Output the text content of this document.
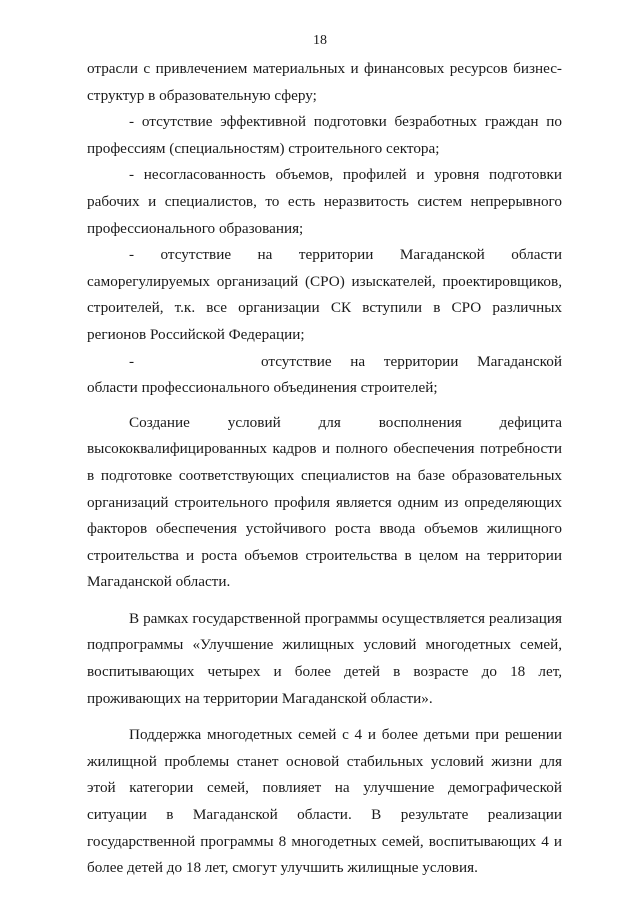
18

отрасли с привлечением материальных и финансовых ресурсов бизнес-структур в образовательную сферу;

- отсутствие эффективной подготовки безработных граждан по профессиям (специальностям) строительного сектора;

- несогласованность объемов, профилей и уровня подготовки рабочих и специалистов, то есть неразвитость систем непрерывного профессионального образования;

- отсутствие на территории Магаданской области саморегулируемых организаций (СРО) изыскателей, проектировщиков, строителей, т.к. все организации СК вступили в СРО различных регионов Российской Федерации;

-	отсутствие на территории Магаданской области профессионального объединения строителей;

Создание условий для восполнения дефицита высококвалифицированных кадров и полного обеспечения потребности в подготовке соответствующих специалистов на базе образовательных организаций строительного профиля является одним из определяющих факторов обеспечения устойчивого роста ввода объемов жилищного строительства и роста объемов строительства в целом на территории Магаданской области.

В рамках государственной программы осуществляется реализация подпрограммы «Улучшение жилищных условий многодетных семей, воспитывающих четырех и более детей в возрасте до 18 лет, проживающих на территории Магаданской области».

Поддержка многодетных семей с 4 и более детьми при решении жилищной проблемы станет основой стабильных условий жизни для этой категории семей, повлияет на улучшение демографической ситуации в Магаданской области. В результате реализации государственной программы 8 многодетных семей, воспитывающих 4 и более детей до 18 лет, смогут улучшить жилищные условия.
